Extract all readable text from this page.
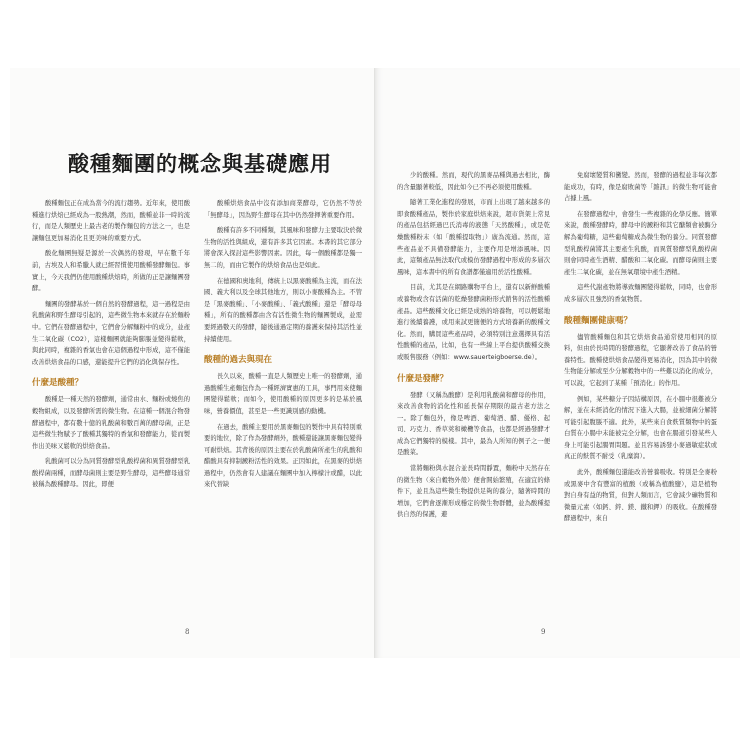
酸種麵團的概念與基礎應用

酸種麵包正在成為當今的流行趨勢。近年來，使用酸種進行烘焙已經成為一股熱潮，然而，酸種並非一時的流行，而是人類歷史上最古老的製作麵包的方法之一，也是讓麵包更加易消化且更美味的重要方式。

酸化麵團無疑是源於一次偶然的發現，早在數千年前，古埃及人和希臘人就已經習慣使用酸種發酵麵包。事實上，今天我們仍使用酸種烘焙時，所做的正是讓麵團發酵。

麵團的發酵基於一個自然的發酵過程，這一過程是由乳酸菌和野生酵母引起的，這些微生物本來就存在於麵粉中。它們在發酵過程中，它們會分解麵粉中的成分，並產生二氧化碳（CO2），這樣麵團就能夠膨脹並變得鬆軟，與此同時，複雜的香氣也會在這個過程中形成，這不僅能改善烘焙食品的口感，還能提升它們的消化與保存性。

什麼是酸種？

酸種是一種天然的發酵劑，通常由水、麵粉或燒焦的穀物組成，以及發酵所需的微生物。在這種一個混合物發酵過程中，都有數十億的乳酸菌和數百萬的酵母菌，正是這些微生物賦予了酸種其獨特的香氣和發酵能力，從而製作出美味又鬆軟的烘焙食品。

乳酸菌可以分為同質發酵型乳酸桿菌和異質發酵型乳酸桿菌兩種，而酵母菌則主要是野生酵母，這些酵母通常被稱為酸種酵母。因此，即便

酸種烘焙食品中沒有添加商業酵母，它仍然不等於「無酵母」，因為野生酵母在其中仍然發揮著重要作用。

酸種有許多不同種類，其風味和發酵力主要取決於微生物的活性與組成，還有許多其它因素。本書的其它部分將會深入探討這些影響因素。因此，每一個酸種都是獨一無二的，而由它製作的烘焙食品也是如此。

在德國和奧地利，傳統上以黑麥酸種為主流，而在法國、義大利以及全球其他地方，則以小麥酸種為主。不管是「黑麥酸種」、「小麥酸種」、「義式酸種」還是「酵母母種」，所有的酸種都由含有活性微生物的麵團製成，並需要經過數天的發酵，隨後通過定期的養護來保持其活性並持續使用。

酸種的過去與現在

長久以來，酸種一直是人類歷史上唯一的發酵劑，通過酸種生產麵包作為一種經濟實惠的工具，事門用來使麵團變得鬆軟；而如今，使用酸種的原因更多的是基於風味，營養價值，甚至是一些更識別感的動機。

在過去，酸種主要用於黑麥麵包的製作中具有特別重要的地位，除了作為發酵劑外，酸種還能讓黑麥麵包變得可耐烘焙。其背後的原因主要在於乳酸菌所產生的乳酸和醋酸具有抑制澱粉活性的效果。正因如此，在黑麥的烘焙過程中，仍然會有人建議在麵團中加入檸檬汁或醋，以此來代替缺

8

少的酸種。然而，現代的黑麥品種與過去相比，酶的含量顯著較低，因此如今已不再必須使用酸種。

隨著工業化進程的發展，市面上出現了越來越多的即食酸種產品，製作於家庭烘焙來說，超市貨架上常見的產品包括經過巴氏消毒的液態「天然酸種」，或是乾燥酸種粉末（如「酸種提取物」）廣為流通。然而，這些產品並不具備發酵能力，主要作用是增添風味。因此，這類產品無法取代或模仿發酵過程中形成的多層次風味，這本書中的所有食譜都僅適用於活性酸種。

目前，尤其是在網路購物平台上，還有以新鮮酸種或養物或含有活菌的乾燥發酵菌粉形式銷售的活性酸種產品。這些酸種文化已經是成熟的培養物，可以輕鬆地進行後續養護，或用來試更簡便的方式培養新的酸種文化。然而，購買這些產品時，必須特別注意選擇具有活性酸種的產品，比如，也有一些線上平台提供酸種交換或販售服務（例如：www.sauerteigboerse.de）。

什麼是發酵？

發酵（又稱為酸酵）是利用乳酸菌和酵母的作用，來改善食物的消化性和延長保存期限的最古老方法之一。除了麵包外，像是啤酒、葡萄酒、醋、優格、起司、巧克力、香草莢和橄欖等食品，也都是經過發酵才成為它們獨特的模樣。其中，最為人所知的例子之一便是酸菜。

當將麵粉與水混合並長時間靜置，麵粉中天然存在的微生物（來自穀物外殼）便會開始繁殖，在適宜的條件下，並且為這些微生物提供足夠的養分，隨著時間的增加，它們會逐漸形成穩定的微生物群體，並為酸種提供自然的保護，避

免腐壞變質和黴變。然而，發酵的過程並非每次都能成功，有時，像是腐敗菌等「雜訊」的微生物可能會占據上風。

在發酵過程中，會發生一些複雜的化學反應。簡單來說，酸種發酵時，酵母中的澱粉和其它醣類會被酶分解為葡萄糖，這些葡萄糖成為微生物的養分。同質發酵型乳酸桿菌將其主要產生乳酸，而異質發酵型乳酸桿菌則會同時產生酒精、醋酸和二氧化碳。而酵母菌則主要產生二氧化碳，並在無氧環境中產生酒精。

這些代謝產物將導致麵團變得鬆軟，同時，也會形成多層次且強烈的香氣物質。

酸種麵團健康嗎？

儘管酸種麵包和其它烘焙食品通常使用相同的原料，但由於長時間的發酵過程，它顯著改善了食品的營養特性。酸種使烘焙食品變得更易消化，因為其中的微生物能分解或至少分解穀物中的一些難以消化的成分，可以說，它起到了某種「預消化」的作用。

例如，某些糖分子因結構原因，在小腸中很難被分解，並在未經消化的情況下進入大腸，並被細菌分解將可能引起腹脹不適。此外，某些來自食麩質類物中的蛋白質在小腸中未能被完全分解，也會在腸道引發某些人身上可能引起腸胃問題。並且容易誘發小麥過敏症狀或真正的麩質不耐受（乳糜瀉）。

此外，酸種麵包還能改善營養吸收。特別是全麥粉或黑麥中含有豐富的植酸（或稱為植酸鹽），這是植物對自身有益的物質，但對人類而言，它會減少礦物質和微量元素（如鈣、鋅、鎂、鐵和鉀）的吸收。在酸種發酵過程中，來自

9
